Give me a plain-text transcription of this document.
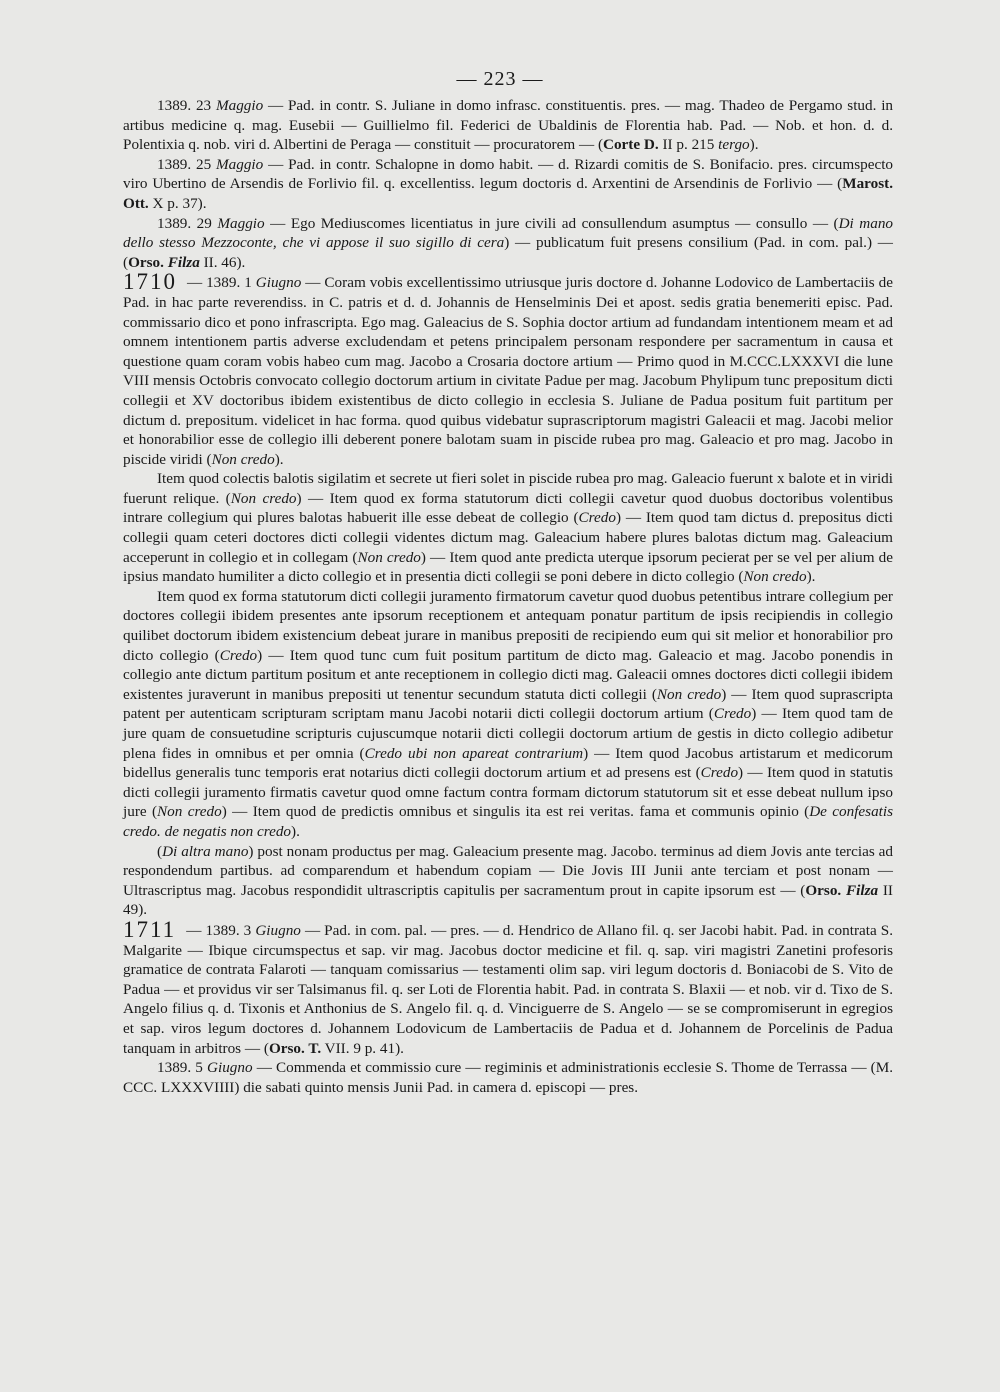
— 223 —

1389. 23 Maggio — Pad. in contr. S. Juliane in domo infrasc. constituentis. pres. — mag. Thadeo de Pergamo stud. in artibus medicine q. mag. Eusebii — Guillielmo fil. Federici de Ubaldinis de Florentia hab. Pad. — Nob. et hon. d. d. Polentixia q. nob. viri d. Albertini de Peraga — constituit — procuratorem — (Corte D. II p. 215 tergo).

1389. 25 Maggio — Pad. in contr. Schalopne in domo habit. — d. Rizardi comitis de S. Bonifacio. pres. circumspecto viro Ubertino de Arsendis de Forlivio fil. q. excellentiss. legum doctoris d. Arxentini de Arsendinis de Forlivio — (Marost. Ott. X p. 37).

1389. 29 Maggio — Ego Mediuscomes licentiatus in jure civili ad consullendum asumptus — consullo — (Di mano dello stesso Mezzoconte, che vi appose il suo sigillo di cera) — publicatum fuit presens consilium (Pad. in com. pal.) — (Orso. Filza II. 46).

1710 — 1389. 1 Giugno — Coram vobis excellentissimo utriusque juris doctore d. Johanne Lodovico de Lambertaciis de Pad. in hac parte reverendiss. in C. patris et d. d. Johannis de Henselminis Dei et apost. sedis gratia benemeriti episc. Pad. commissario dico et pono infrascripta. Ego mag. Galeacius de S. Sophia doctor artium ad fundandam intentionem meam et ad omnem intentionem partis adverse excludendam et petens principalem personam respondere per sacramentum in causa et questione quam coram vobis habeo cum mag. Jacobo a Crosaria doctore artium — Primo quod in M.CCC.LXXXVI die lune VIII mensis Octobris convocato collegio doctorum artium in civitate Padue per mag. Jacobum Phylipum tunc prepositum dicti collegii et XV doctoribus ibidem existentibus de dicto collegio in ecclesia S. Juliane de Padua positum fuit partitum per dictum d. prepositum. videlicet in hac forma. quod quibus videbatur suprascriptorum magistri Galeacii et mag. Jacobi melior et honorabilior esse de collegio illi deberent ponere balotam suam in piscide rubea pro mag. Galeacio et pro mag. Jacobo in piscide viridi (Non credo).

Item quod colectis balotis sigilatim et secrete ut fieri solet in piscide rubea pro mag. Galeacio fuerunt x balote et in viridi fuerunt relique. (Non credo) — Item quod ex forma statutorum dicti collegii cavetur quod duobus doctoribus volentibus intrare collegium qui plures balotas habuerit ille esse debeat de collegio (Credo) — Item quod tam dictus d. prepositus dicti collegii quam ceteri doctores dicti collegii videntes dictum mag. Galeacium habere plures balotas dictum mag. Galeacium acceperunt in collegio et in collegam (Non credo) — Item quod ante predicta uterque ipsorum pecierat per se vel per alium de ipsius mandato humiliter a dicto collegio et in presentia dicti collegii se poni debere in dicto collegio (Non credo).

Item quod ex forma statutorum dicti collegii juramento firmatorum cavetur quod duobus petentibus intrare collegium per doctores collegii ibidem presentes ante ipsorum receptionem et antequam ponatur partitum de ipsis recipiendis in collegio quilibet doctorum ibidem existencium debeat jurare in manibus prepositi de recipiendo eum qui sit melior et honorabilior pro dicto collegio (Credo) — Item quod tunc cum fuit positum partitum de dicto mag. Galeacio et mag. Jacobo ponendis in collegio ante dictum partitum positum et ante receptionem in collegio dicti mag. Galeacii omnes doctores dicti collegii ibidem existentes juraverunt in manibus prepositi ut tenentur secundum statuta dicti collegii (Non credo) — Item quod suprascripta patent per autenticam scripturam scriptam manu Jacobi notarii dicti collegii doctorum artium (Credo) — Item quod tam de jure quam de consuetudine scripturis cujuscumque notarii dicti collegii doctorum artium de gestis in dicto collegio adibetur plena fides in omnibus et per omnia (Credo ubi non apareat contrarium) — Item quod Jacobus artistarum et medicorum bidellus generalis tunc temporis erat notarius dicti collegii doctorum artium et ad presens est (Credo) — Item quod in statutis dicti collegii juramento firmatis cavetur quod omne factum contra formam dictorum statutorum sit et esse debeat nullum ipso jure (Non credo) — Item quod de predictis omnibus et singulis ita est rei veritas. fama et communis opinio (De confesatis credo. de negatis non credo).

(Di altra mano) post nonam productus per mag. Galeacium presente mag. Jacobo. terminus ad diem Jovis ante tercias ad respondendum partibus. ad comparendum et habendum copiam — Die Jovis III Junii ante terciam et post nonam — Ultrascriptus mag. Jacobus respondidit ultrascriptis capitulis per sacramentum prout in capite ipsorum est — (Orso. Filza II 49).

1711 — 1389. 3 Giugno — Pad. in com. pal. — pres. — d. Hendrico de Allano fil. q. ser Jacobi habit. Pad. in contrata S. Malgarite — Ibique circumspectus et sap. vir mag. Jacobus doctor medicine et fil. q. sap. viri magistri Zanetini profesoris gramatice de contrata Falaroti — tanquam comissarius — testamenti olim sap. viri legum doctoris d. Boniacobi de S. Vito de Padua — et providus vir ser Talsimanus fil. q. ser Loti de Florentia habit. Pad. in contrata S. Blaxii — et nob. vir d. Tixo de S. Angelo filius q. d. Tixonis et Anthonius de S. Angelo fil. q. d. Vinciguerre de S. Angelo — se se compromiserunt in egregios et sap. viros legum doctores d. Johannem Lodovicum de Lambertaciis de Padua et d. Johannem de Porcelinis de Padua tanquam in arbitros — (Orso. T. VII. 9 p. 41).

1389. 5 Giugno — Commenda et commissio cure — regiminis et administrationis ecclesie S. Thome de Terrassa — (M. CCC. LXXXVIIII) die sabati quinto mensis Junii Pad. in camera d. episcopi — pres.
